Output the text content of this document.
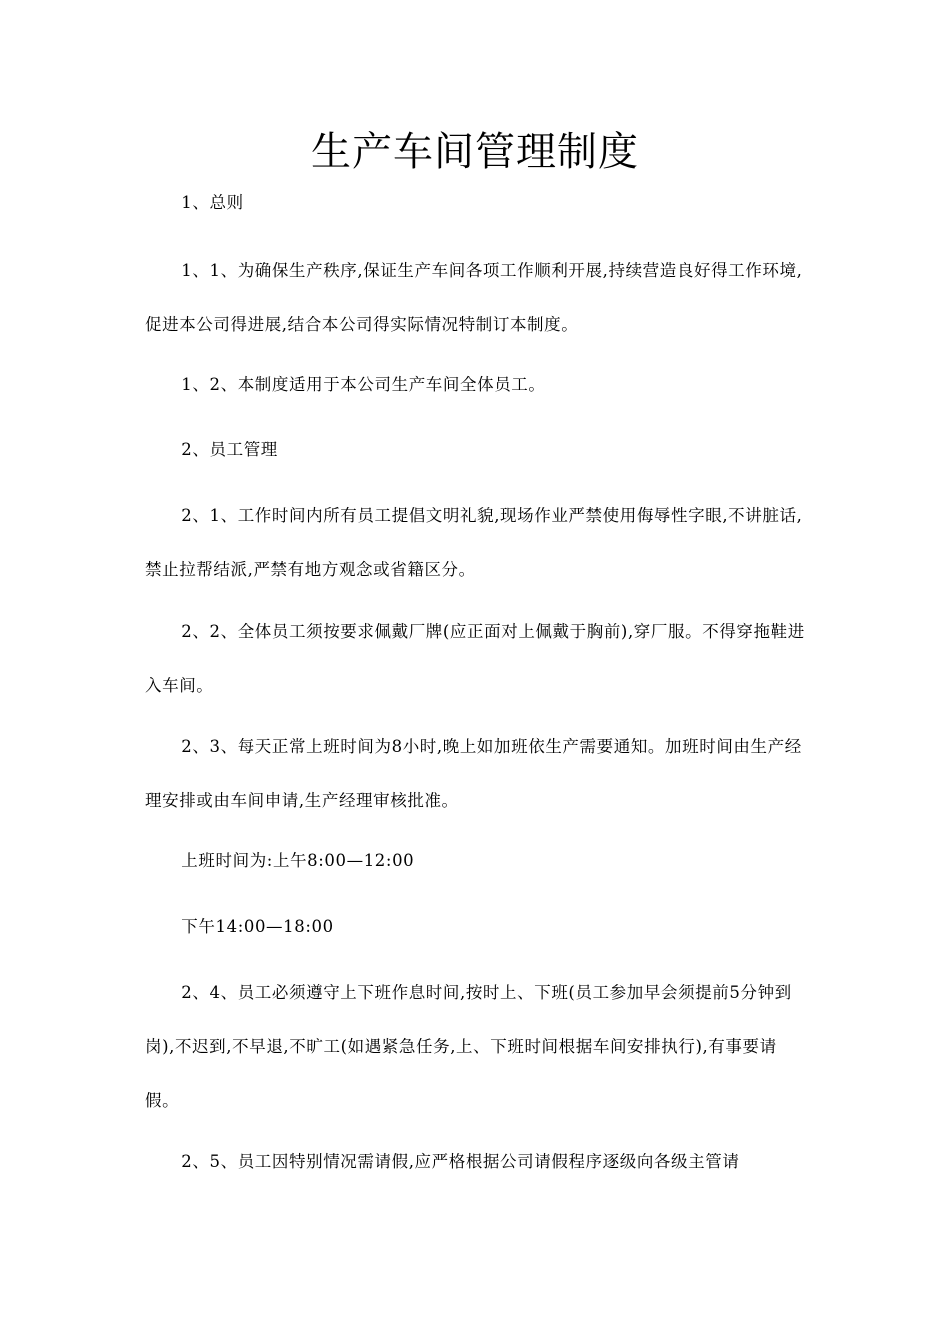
生产车间管理制度

1、总则

1、1、为确保生产秩序,保证生产车间各项工作顺利开展,持续营造良好得工作环境,促进本公司得进展,结合本公司得实际情况特制订本制度。

1、2、本制度适用于本公司生产车间全体员工。

2、员工管理

2、1、工作时间内所有员工提倡文明礼貌,现场作业严禁使用侮辱性字眼,不讲脏话,禁止拉帮结派,严禁有地方观念或省籍区分。

2、2、全体员工须按要求佩戴厂牌(应正面对上佩戴于胸前),穿厂服。不得穿拖鞋进入车间。

2、3、每天正常上班时间为8小时,晚上如加班依生产需要通知。加班时间由生产经理安排或由车间申请,生产经理审核批准。

上班时间为:上午8:00—12:00

下午14:00—18:00

2、4、员工必须遵守上下班作息时间,按时上、下班(员工参加早会须提前5分钟到岗),不迟到,不早退,不旷工(如遇紧急任务,上、下班时间根据车间安排执行),有事要请假。

2、5、员工因特别情况需请假,应严格根据公司请假程序逐级向各级主管请
